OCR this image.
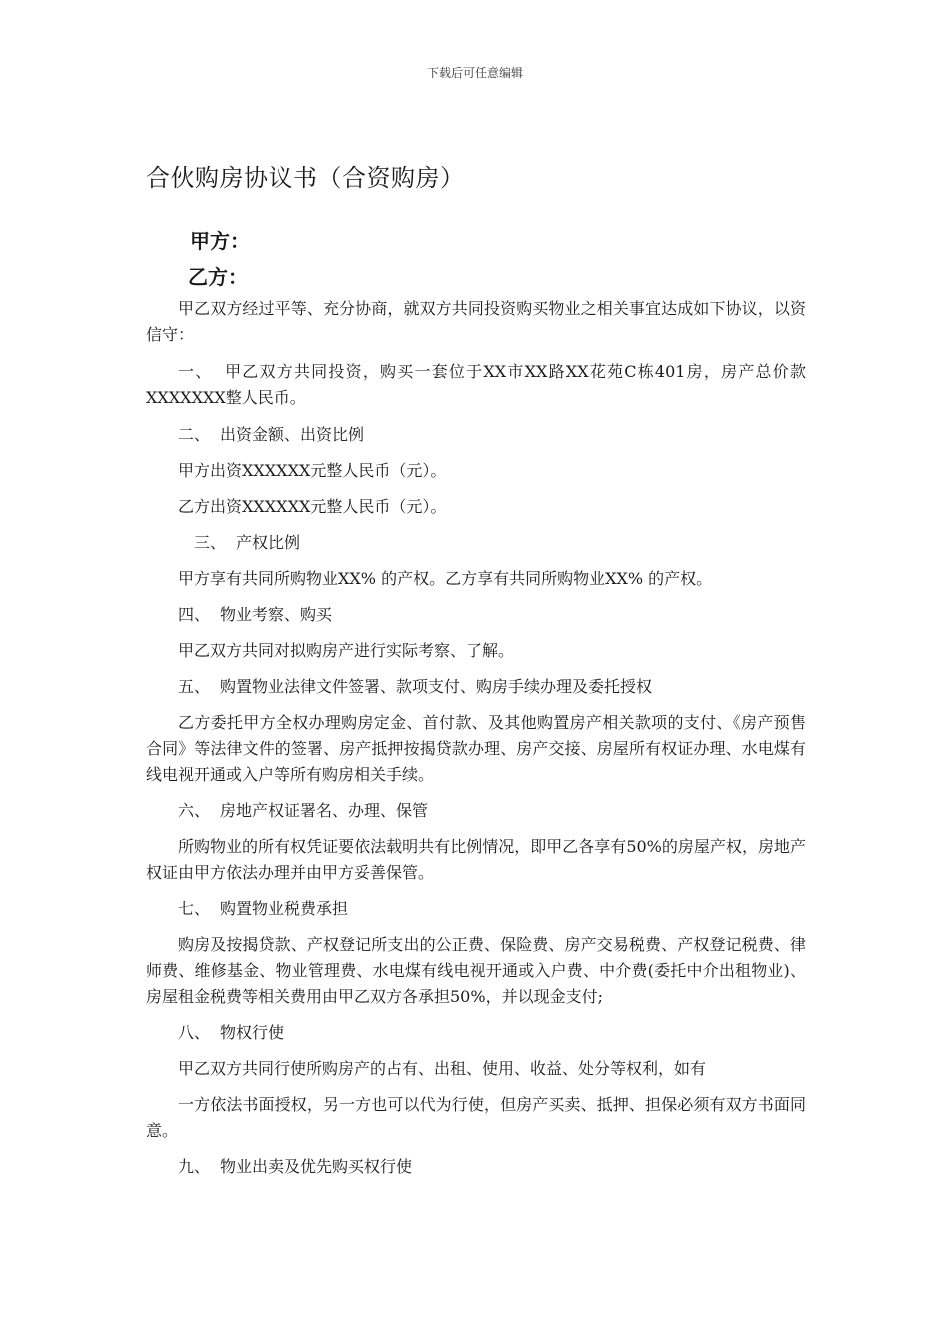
下载后可任意编辑
合伙购房协议书（合资购房）
甲方：
乙方：

甲乙双方经过平等、充分协商，就双方共同投资购买物业之相关事宜达成如下协议，以资信守：

一、 甲乙双方共同投资，购买一套位于XX市XX路XX花苑C栋401房，房产总价款XXXXXXX整人民币。

二、 出资金额、出资比例

甲方出资XXXXXX元整人民币（元）。

乙方出资XXXXXX元整人民币（元）。

三、 产权比例

甲方享有共同所购物业XX% 的产权。乙方享有共同所购物业XX% 的产权。

四、 物业考察、购买

甲乙双方共同对拟购房产进行实际考察、了解。

五、 购置物业法律文件签署、款项支付、购房手续办理及委托授权

乙方委托甲方全权办理购房定金、首付款、及其他购置房产相关款项的支付、《房产预售合同》等法律文件的签署、房产抵押按揭贷款办理、房产交接、房屋所有权证办理、水电煤有线电视开通或入户等所有购房相关手续。

六、 房地产权证署名、办理、保管

所购物业的所有权凭证要依法载明共有比例情况，即甲乙各享有50%的房屋产权，房地产权证由甲方依法办理并由甲方妥善保管。

七、 购置物业税费承担

购房及按揭贷款、产权登记所支出的公正费、保险费、房产交易税费、产权登记税费、律师费、维修基金、物业管理费、水电煤有线电视开通或入户费、中介费(委托中介出租物业)、房屋租金税费等相关费用由甲乙双方各承担50%，并以现金支付;

八、 物权行使

甲乙双方共同行使所购房产的占有、出租、使用、收益、处分等权利，如有

一方依法书面授权，另一方也可以代为行使，但房产买卖、抵押、担保必须有双方书面同意。

九、 物业出卖及优先购买权行使
